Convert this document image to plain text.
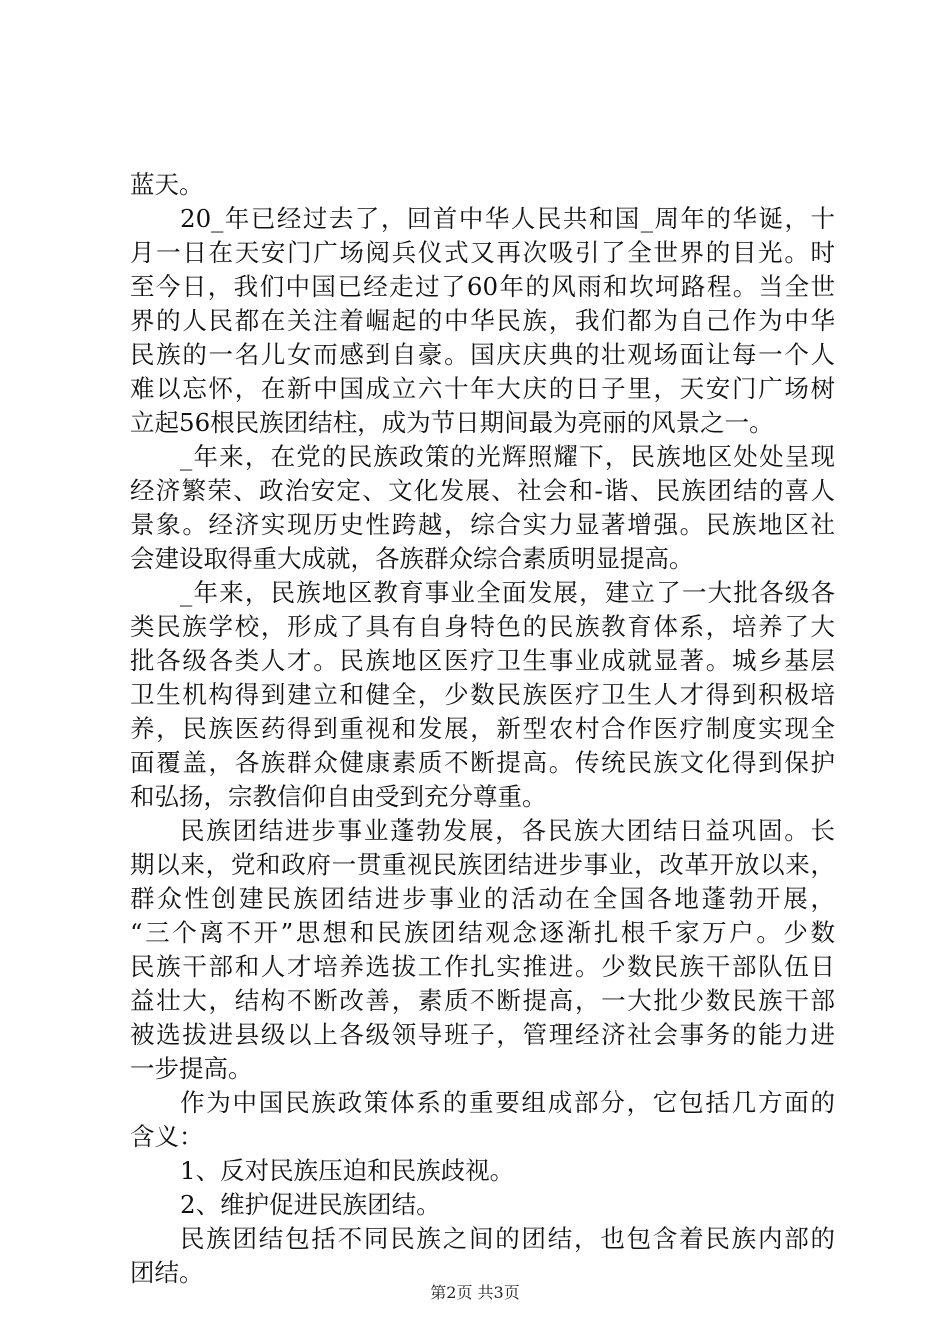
蓝天。
20_年已经过去了，回首中华人民共和国_周年的华诞，十
月一日在天安门广场阅兵仪式又再次吸引了全世界的目光。时
至今日，我们中国已经走过了60年的风雨和坎坷路程。当全世
界的人民都在关注着崛起的中华民族，我们都为自己作为中华
民族的一名儿女而感到自豪。国庆庆典的壮观场面让每一个人
难以忘怀，在新中国成立六十年大庆的日子里，天安门广场树
立起56根民族团结柱，成为节日期间最为亮丽的风景之一。
_年来，在党的民族政策的光辉照耀下，民族地区处处呈现
经济繁荣、政治安定、文化发展、社会和-谐、民族团结的喜人
景象。经济实现历史性跨越，综合实力显著增强。民族地区社
会建设取得重大成就，各族群众综合素质明显提高。
_年来，民族地区教育事业全面发展，建立了一大批各级各
类民族学校，形成了具有自身特色的民族教育体系，培养了大
批各级各类人才。民族地区医疗卫生事业成就显著。城乡基层
卫生机构得到建立和健全，少数民族医疗卫生人才得到积极培
养，民族医药得到重视和发展，新型农村合作医疗制度实现全
面覆盖，各族群众健康素质不断提高。传统民族文化得到保护
和弘扬，宗教信仰自由受到充分尊重。
民族团结进步事业蓬勃发展，各民族大团结日益巩固。长
期以来，党和政府一贯重视民族团结进步事业，改革开放以来，
群众性创建民族团结进步事业的活动在全国各地蓬勃开展，
“三个离不开”思想和民族团结观念逐渐扎根千家万户。少数
民族干部和人才培养选拔工作扎实推进。少数民族干部队伍日
益壮大，结构不断改善，素质不断提高，一大批少数民族干部
被选拔进县级以上各级领导班子，管理经济社会事务的能力进
一步提高。
作为中国民族政策体系的重要组成部分，它包括几方面的
含义：
1、反对民族压迫和民族歧视。
2、维护促进民族团结。
民族团结包括不同民族之间的团结，也包含着民族内部的
团结。
第2页 共3页
